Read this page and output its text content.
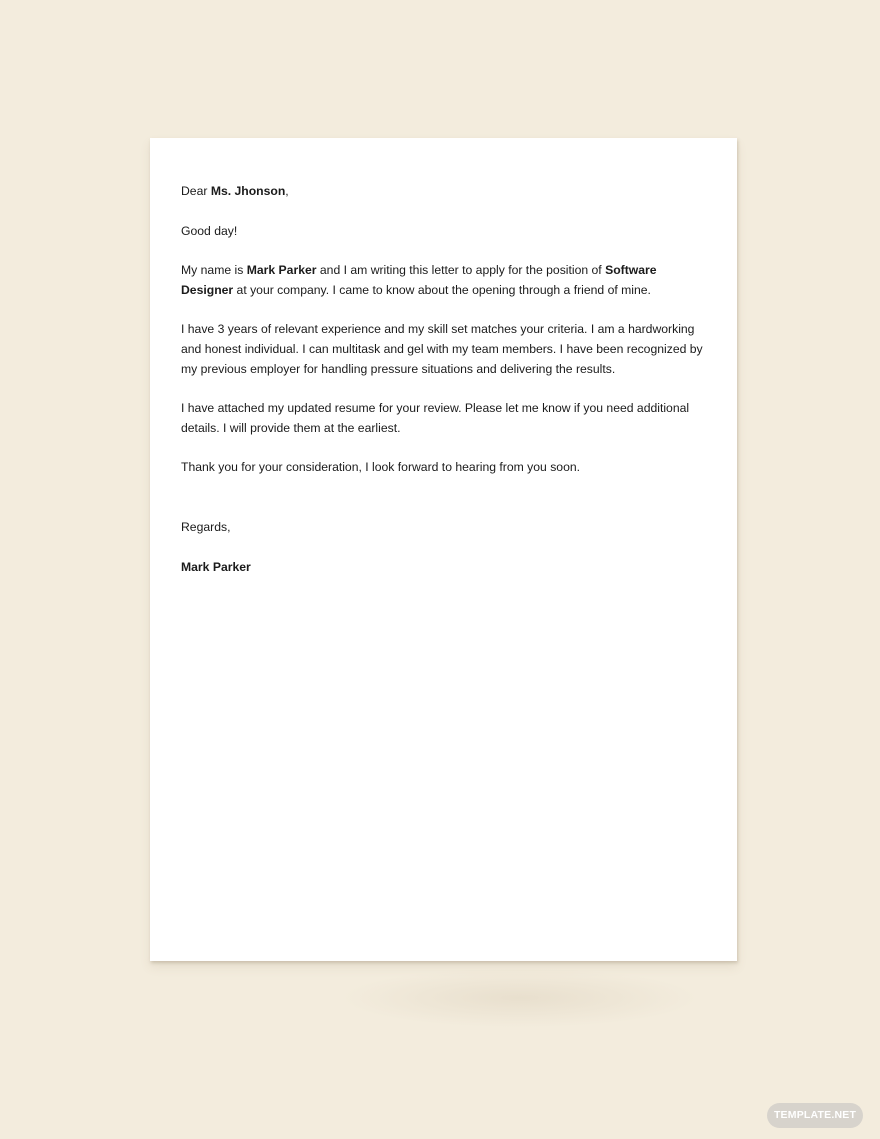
Dear Ms. Jhonson,

Good day!

My name is Mark Parker and I am writing this letter to apply for the position of Software Designer at your company. I came to know about the opening through a friend of mine.

I have 3 years of relevant experience and my skill set matches your criteria. I am a hardworking and honest individual. I can multitask and gel with my team members. I have been recognized by my previous employer for handling pressure situations and delivering the results.

I have attached my updated resume for your review. Please let me know if you need additional details. I will provide them at the earliest.

Thank you for your consideration, I look forward to hearing from you soon.

Regards,

Mark Parker

TEMPLATE.NET
